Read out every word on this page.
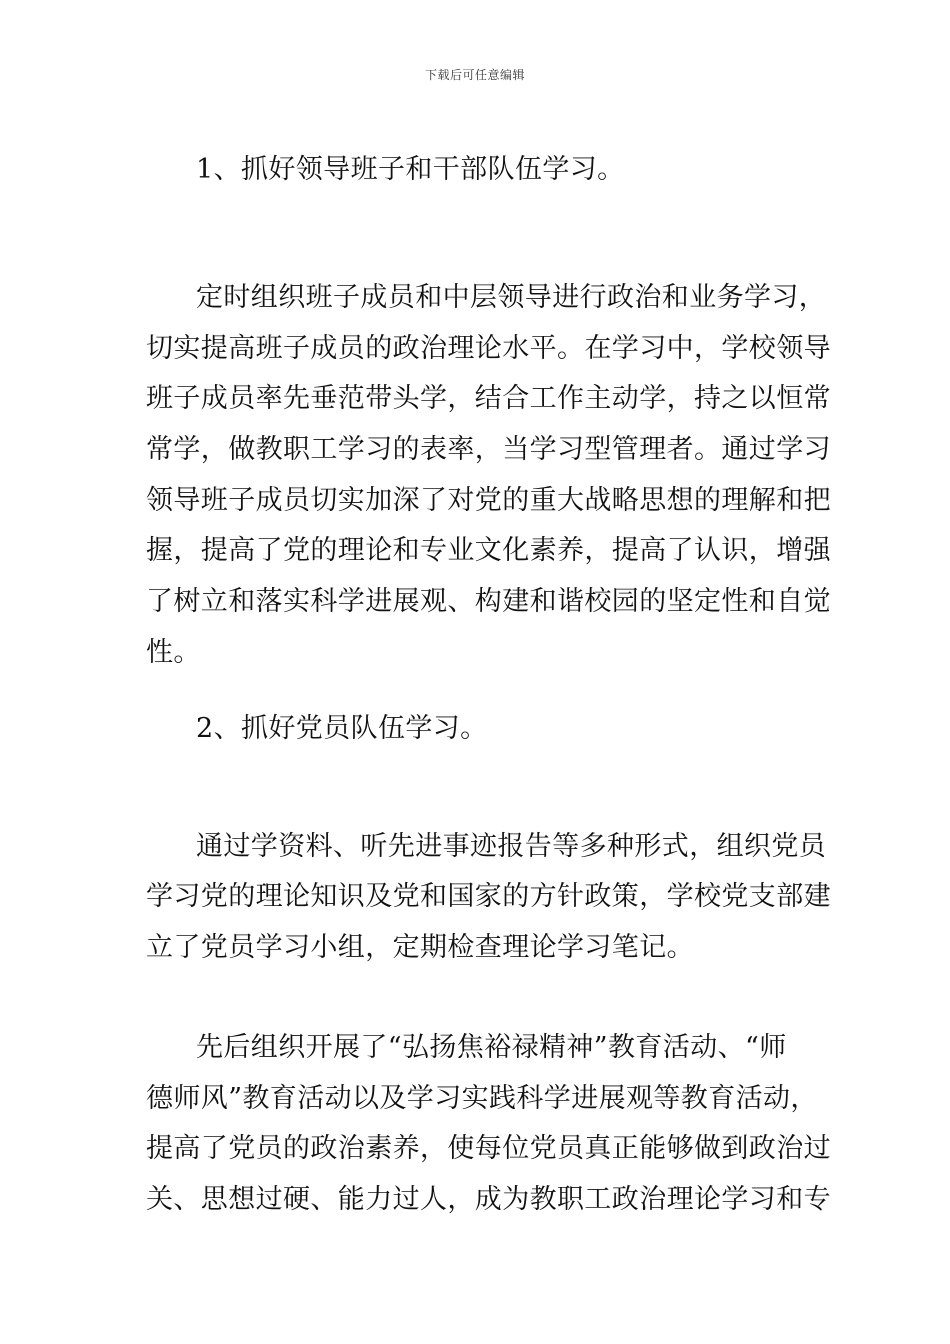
下载后可任意编辑
1、抓好领导班子和干部队伍学习。
定时组织班子成员和中层领导进行政治和业务学习，
切实提高班子成员的政治理论水平。在学习中，学校领导
班子成员率先垂范带头学，结合工作主动学，持之以恒常
常学，做教职工学习的表率，当学习型管理者。通过学习
领导班子成员切实加深了对党的重大战略思想的理解和把
握，提高了党的理论和专业文化素养，提高了认识，增强
了树立和落实科学进展观、构建和谐校园的坚定性和自觉
性。
2、抓好党员队伍学习。
通过学资料、听先进事迹报告等多种形式，组织党员
学习党的理论知识及党和国家的方针政策，学校党支部建
立了党员学习小组，定期检查理论学习笔记。
先后组织开展了“弘扬焦裕禄精神”教育活动、“师
德师风”教育活动以及学习实践科学进展观等教育活动，
提高了党员的政治素养，使每位党员真正能够做到政治过
关、思想过硬、能力过人，成为教职工政治理论学习和专
